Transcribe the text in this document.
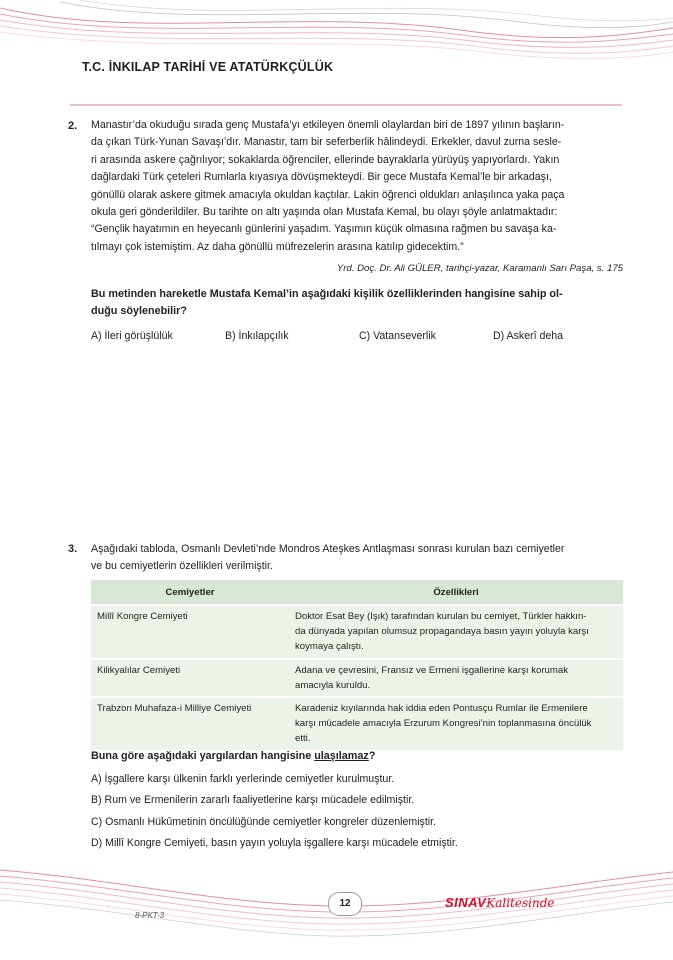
T.C. İNKILAP TARİHİ VE ATATÜRKÇÜLÜK
2. Manastır’da okuduğu sırada genç Mustafa’yı etkileyen önemli olaylardan biri de 1897 yılının başların-

da çıkan Türk-Yunan Savaşı’dır. Manastır, tam bir seferberlik hâlindeydi. Erkekler, davul zurna sesle-

ri arasında askere çağrılıyor; sokaklarda öğrenciler, ellerinde bayraklarla yürüyüş yapıyorlardı. Yakın

dağlardaki Türk çeteleri Rumlarla kıyasıya dövüşmekteydi. Bir gece Mustafa Kemal’le bir arkadaşı,

gönüllü olarak askere gitmek amacıyla okuldan kaçtılar. Lakin öğrenci oldukları anlaşılınca yaka paça

okula geri gönderildiler. Bu tarihte on altı yaşında olan Mustafa Kemal, bu olayı şöyle anlatmaktadır:

“Gençlik hayatımın en heyecanlı günlerini yaşadım. Yaşımın küçük olmasına rağmen bu savaşa ka-

tılmayı çok istemiştim. Az daha gönüllü müfrezelerin arasına katılıp gidecektim.”

Yrd. Doç. Dr. Ali GÜLER, tarihçi-yazar, Karamanlı Sarı Paşa, s. 175
Bu metinden hareketle Mustafa Kemal’in aşağıdaki kişilik özelliklerinden hangisine sahip ol-
duğu söylenebilir?
A) İleri görüşlülük	B) İnkılapçılık	C) Vatanseverlik	D) Askerî deha
3. Aşağıdaki tabloda, Osmanlı Devleti’nde Mondros Ateşkes Antlaşması sonrası kurulan bazı cemiyetler

ve bu cemiyetlerin özellikleri verilmiştir.

Cemiyetler	Özellikleri
Millî Kongre Cemiyeti	Doktor Esat Bey (Işık) tarafından kurulan bu cemiyet, Türkler hakkın-
da dünyada yapılan olumsuz propagandaya basın yayın yoluyla karşı
koymaya çalıştı.

Kilikyalılar Cemiyeti	Adana ve çevresini, Fransız ve Ermeni işgallerine karşı korumak
amacıyla kuruldu.

Trabzon Muhafaza-i Milliye Cemiyeti	Karadeniz kıyılarında hak iddia eden Pontusçu Rumlar ile Ermenilere
karşı mücadele amacıyla Erzurum Kongresi’nin toplanmasına öncülük
etti.
Buna göre aşağıdaki yargılardan hangisine ulaşılamaz?
A) İşgallere karşı ülkenin farklı yerlerinde cemiyetler kurulmuştur.
B) Rum ve Ermenilerin zararlı faaliyetlerine karşı mücadele edilmiştir.
C) Osmanlı Hükûmetinin öncülüğünde cemiyetler kongreler düzenlemiştir.
D) Millî Kongre Cemiyeti, basın yayın yoluyla işgallere karşı mücadele etmiştir.
12
8-PKT-3
SINAVKalitesinde
